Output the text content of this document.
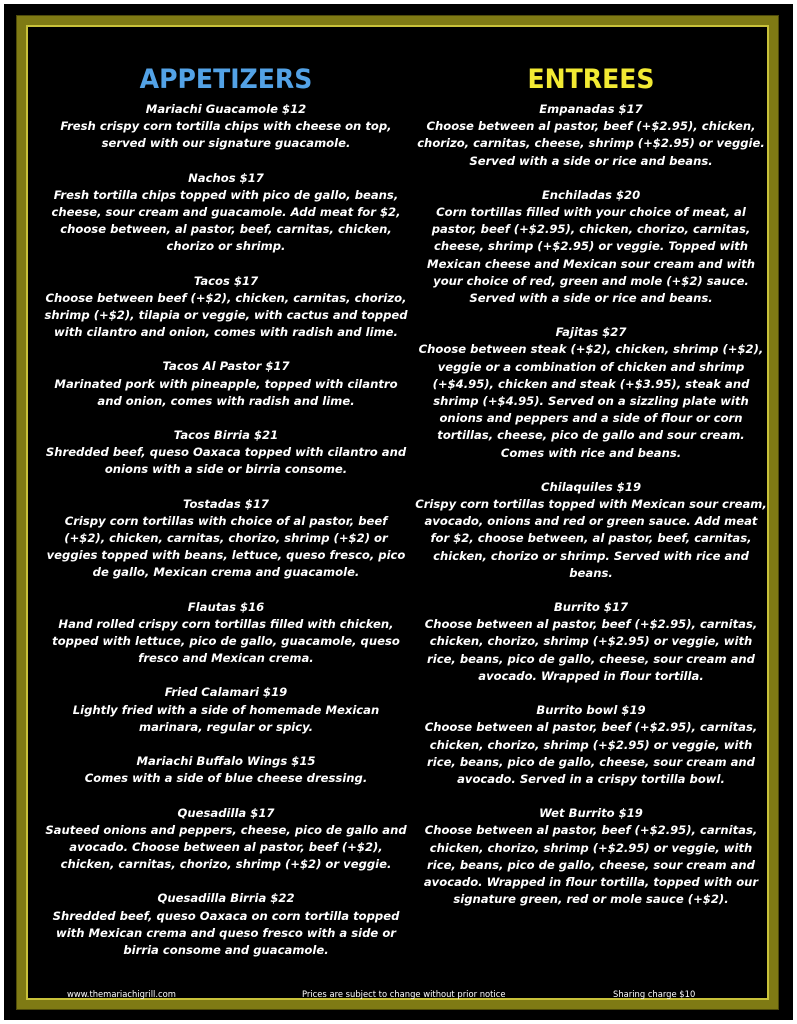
APPETIZERS
Mariachi Guacamole $12
Fresh crispy corn tortilla chips with cheese on top, served with our signature guacamole.
Nachos $17
Fresh tortilla chips topped with pico de gallo, beans, cheese, sour cream and guacamole. Add meat for $2, choose between, al pastor, beef, carnitas, chicken, chorizo or shrimp.
Tacos $17
Choose between beef (+$2), chicken, carnitas, chorizo, shrimp (+$2), tilapia or veggie, with cactus and topped with cilantro and onion, comes with radish and lime.
Tacos Al Pastor $17
Marinated pork with pineapple, topped with cilantro and onion, comes with radish and lime.
Tacos Birria $21
Shredded beef, queso Oaxaca topped with cilantro and onions with a side or birria consome.
Tostadas $17
Crispy corn tortillas with choice of al pastor, beef (+$2), chicken, carnitas, chorizo, shrimp (+$2) or veggies topped with beans, lettuce, queso fresco, pico de gallo, Mexican crema and guacamole.
Flautas $16
Hand rolled crispy corn tortillas filled with chicken, topped with lettuce, pico de gallo, guacamole, queso fresco and Mexican crema.
Fried Calamari $19
Lightly fried with a side of homemade Mexican marinara, regular or spicy.
Mariachi Buffalo Wings $15
Comes with a side of blue cheese dressing.
Quesadilla $17
Sauteed onions and peppers, cheese, pico de gallo and avocado. Choose between al pastor, beef (+$2), chicken, carnitas, chorizo, shrimp (+$2) or veggie.
Quesadilla Birria $22
Shredded beef, queso Oaxaca on corn tortilla topped with Mexican crema and queso fresco with a side or birria consome and guacamole.
ENTREES
Empanadas $17
Choose between al pastor, beef (+$2.95), chicken, chorizo, carnitas, cheese, shrimp (+$2.95) or veggie. Served with a side or rice and beans.
Enchiladas $20
Corn tortillas filled with your choice of meat, al pastor, beef (+$2.95), chicken, chorizo, carnitas, cheese, shrimp (+$2.95) or veggie. Topped with Mexican cheese and Mexican sour cream and with your choice of red, green and mole (+$2) sauce. Served with a side or rice and beans.
Fajitas $27
Choose between steak (+$2), chicken, shrimp (+$2), veggie or a combination of chicken and shrimp (+$4.95), chicken and steak (+$3.95), steak and shrimp (+$4.95). Served on a sizzling plate with onions and peppers and a side of flour or corn tortillas, cheese, pico de gallo and sour cream. Comes with rice and beans.
Chilaquiles $19
Crispy corn tortillas topped with Mexican sour cream, avocado, onions and red or green sauce. Add meat for $2, choose between, al pastor, beef, carnitas, chicken, chorizo or shrimp. Served with rice and beans.
Burrito $17
Choose between al pastor, beef (+$2.95), carnitas, chicken, chorizo, shrimp (+$2.95) or veggie, with rice, beans, pico de gallo, cheese, sour cream and avocado. Wrapped in flour tortilla.
Burrito bowl $19
Choose between al pastor, beef (+$2.95), carnitas, chicken, chorizo, shrimp (+$2.95) or veggie, with rice, beans, pico de gallo, cheese, sour cream and avocado. Served in a crispy tortilla bowl.
Wet Burrito $19
Choose between al pastor, beef (+$2.95), carnitas, chicken, chorizo, shrimp (+$2.95) or veggie, with rice, beans, pico de gallo, cheese, sour cream and avocado. Wrapped in flour tortilla, topped with our signature green, red or mole sauce (+$2).
www.themariachigrill.com	Prices are subject to change without prior notice	Sharing charge $10
